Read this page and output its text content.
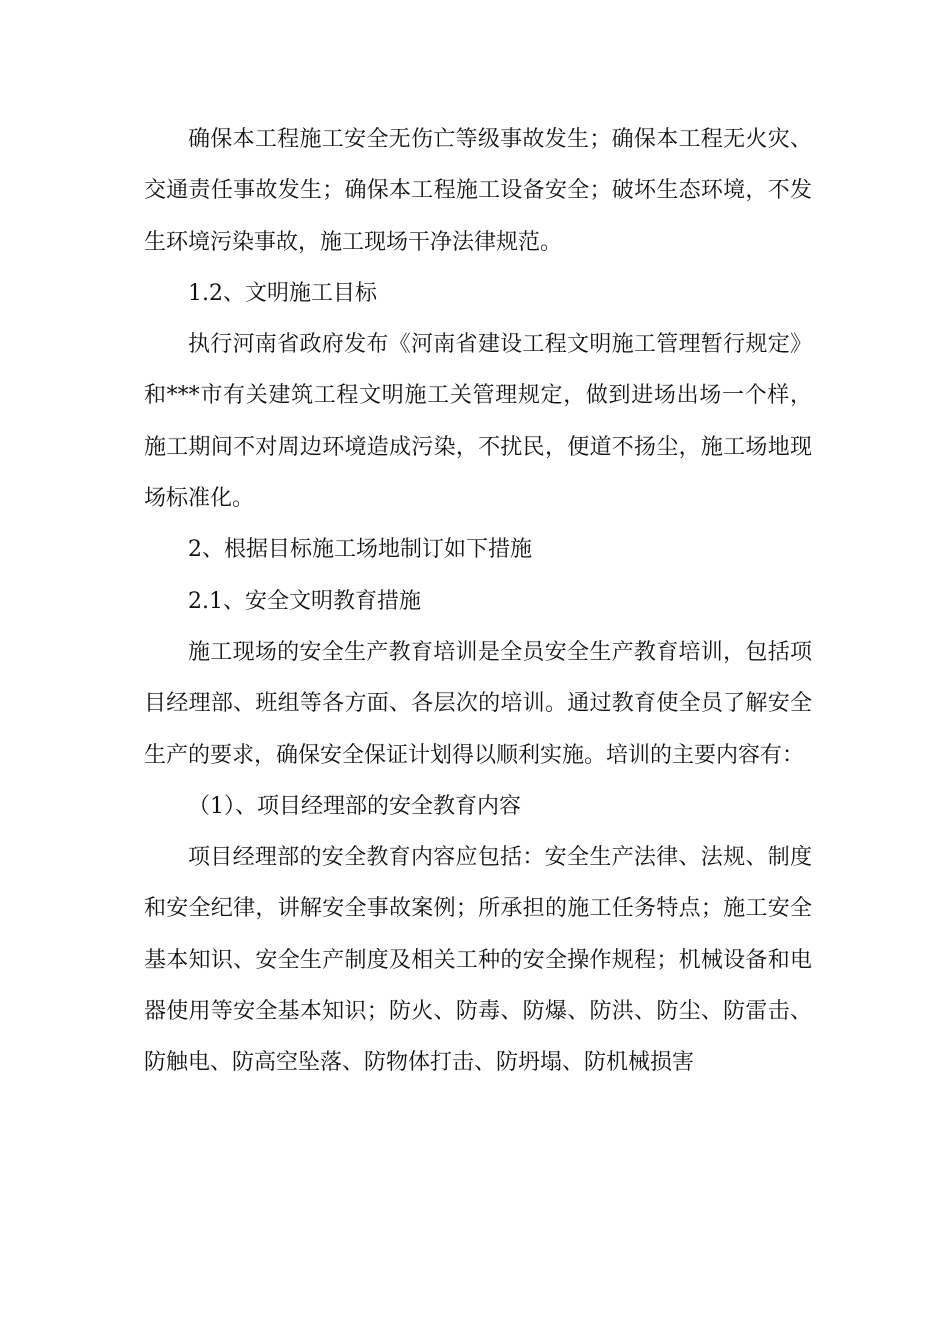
确保本工程施工安全无伤亡等级事故发生；确保本工程无火灾、交通责任事故发生；确保本工程施工设备安全；破坏生态环境，不发生环境污染事故，施工现场干净法律规范。

1.2、文明施工目标

执行河南省政府发布《河南省建设工程文明施工管理暂行规定》和***市有关建筑工程文明施工关管理规定，做到进场出场一个样，施工期间不对周边环境造成污染，不扰民，便道不扬尘，施工场地现场标准化。

2、根据目标施工场地制订如下措施

2.1、安全文明教育措施

施工现场的安全生产教育培训是全员安全生产教育培训，包括项目经理部、班组等各方面、各层次的培训。通过教育使全员了解安全生产的要求，确保安全保证计划得以顺利实施。培训的主要内容有：

（1）、项目经理部的安全教育内容

项目经理部的安全教育内容应包括：安全生产法律、法规、制度和安全纪律，讲解安全事故案例；所承担的施工任务特点；施工安全基本知识、安全生产制度及相关工种的安全操作规程；机械设备和电器使用等安全基本知识；防火、防毒、防爆、防洪、防尘、防雷击、防触电、防高空坠落、防物体打击、防坍塌、防机械损害
